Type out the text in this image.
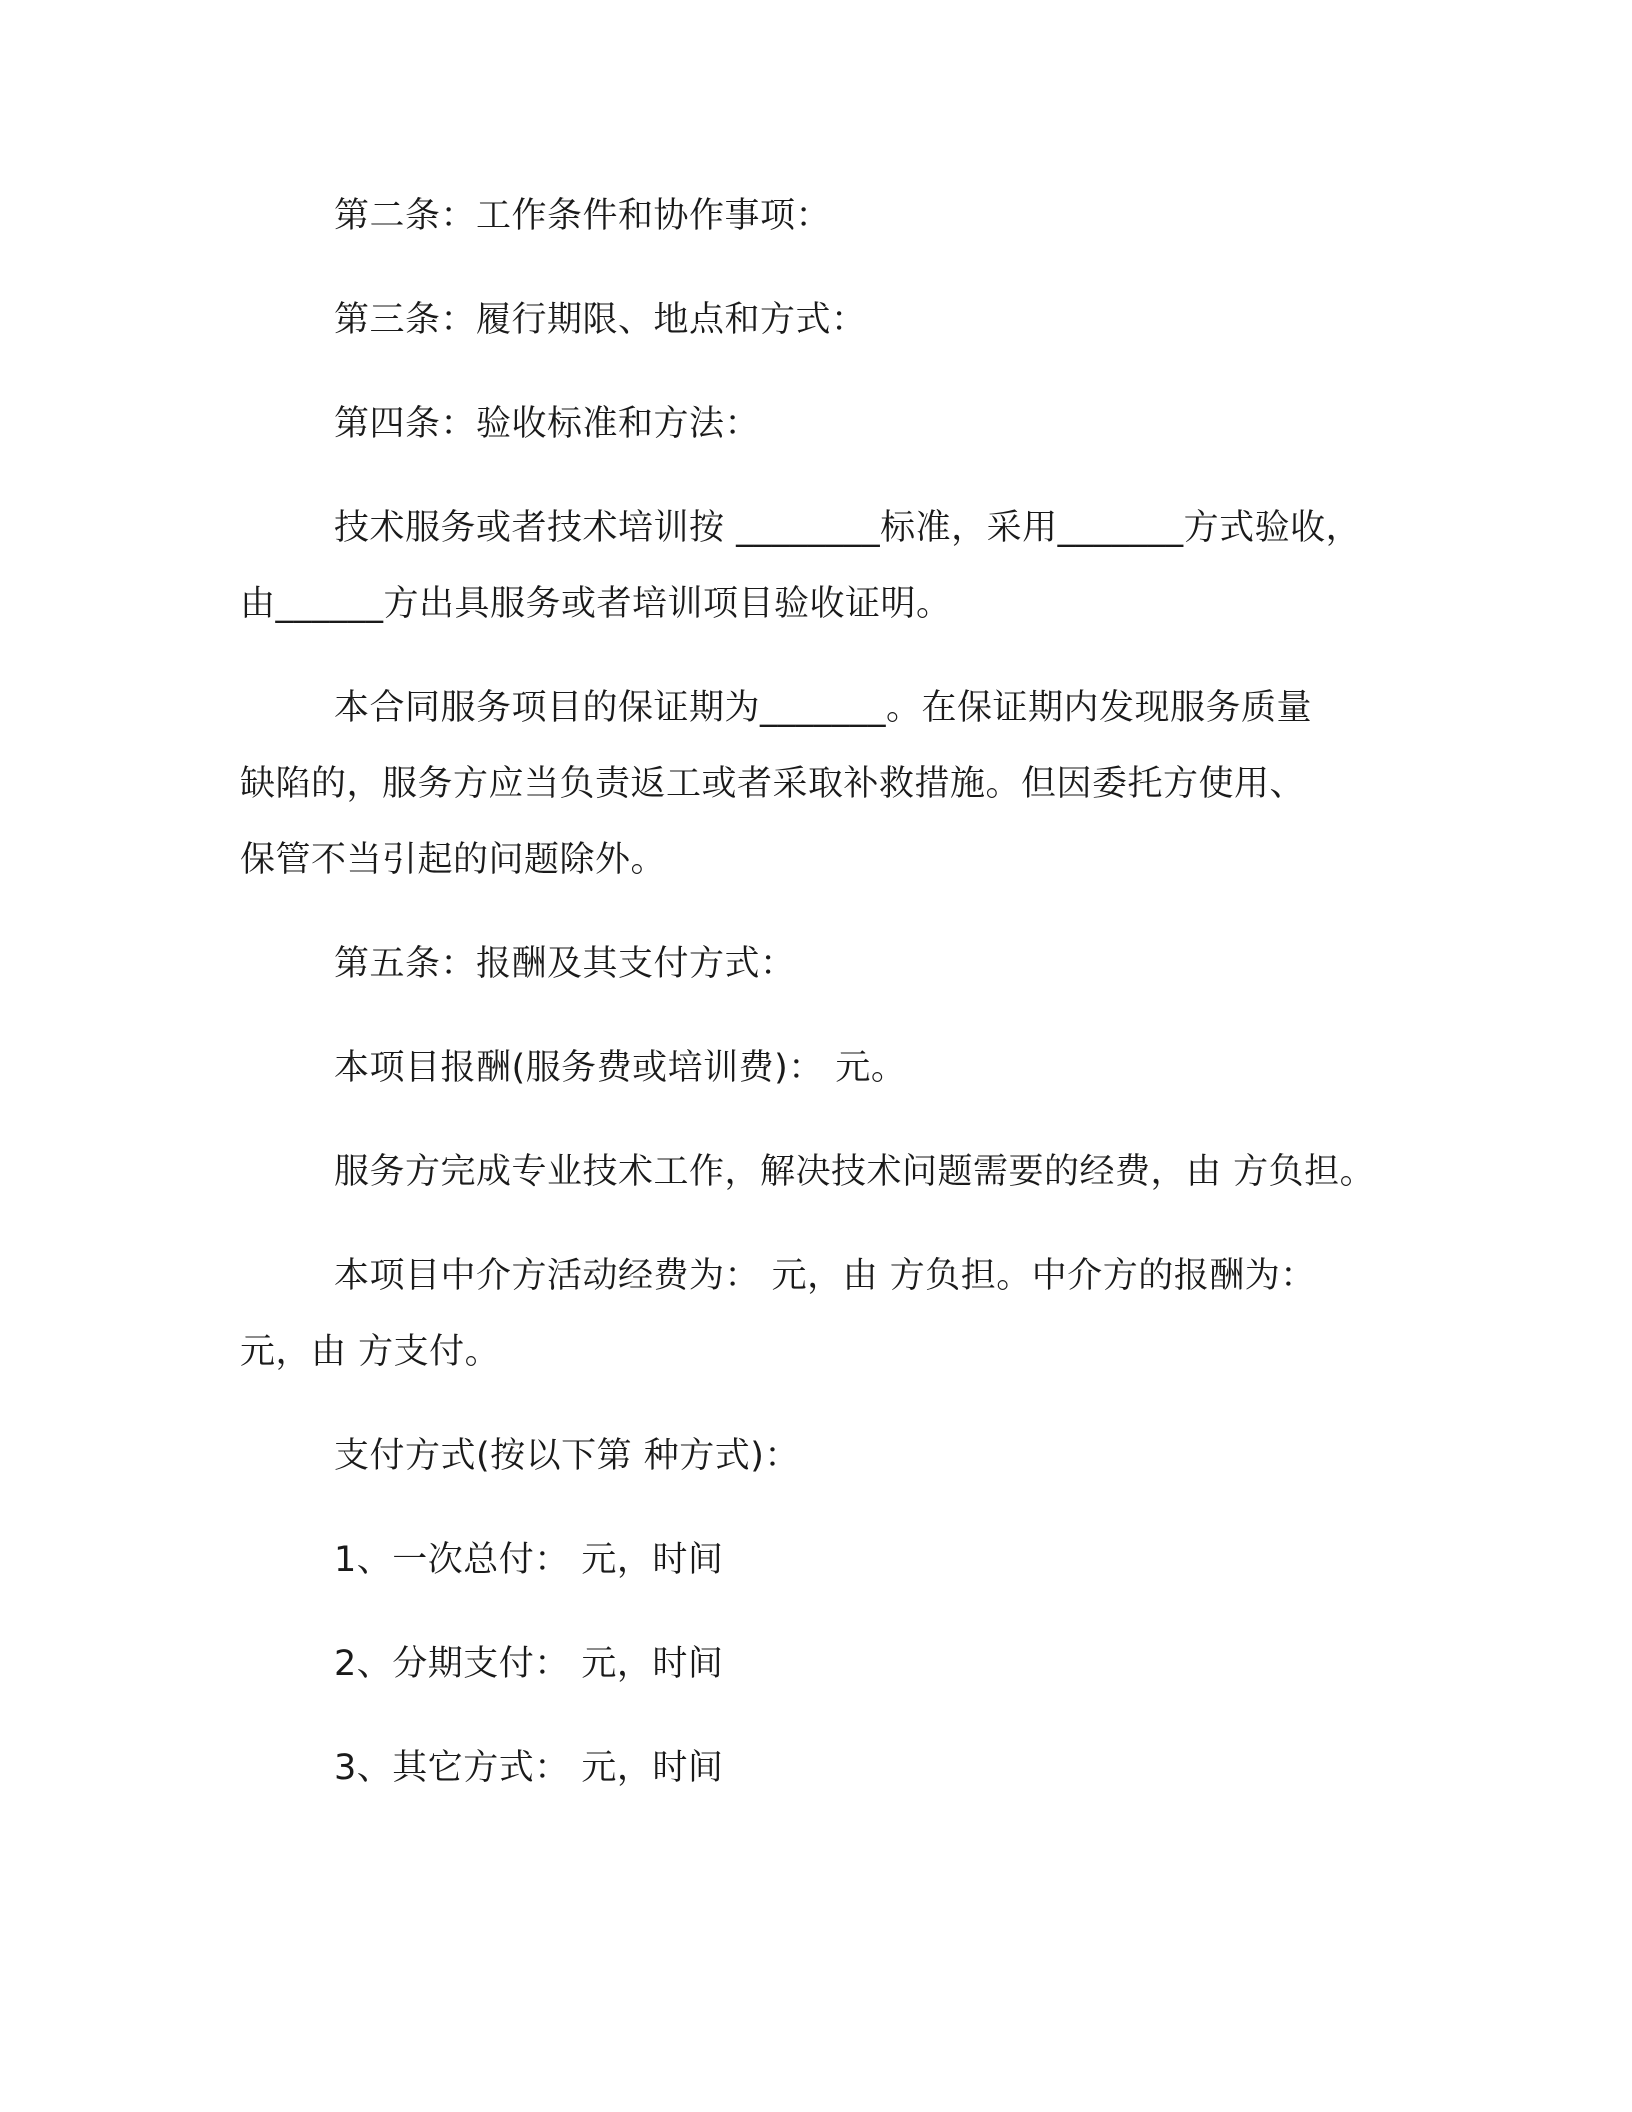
第二条：工作条件和协作事项：
第三条：履行期限、地点和方式：
第四条：验收标准和方法：
技术服务或者技术培训按 ________标准，采用_______方式验收，
由______方出具服务或者培训项目验收证明。
本合同服务项目的保证期为_______。在保证期内发现服务质量
缺陷的，服务方应当负责返工或者采取补救措施。但因委托方使用、
保管不当引起的问题除外。
第五条：报酬及其支付方式：
本项目报酬(服务费或培训费)： 元。
服务方完成专业技术工作，解决技术问题需要的经费，由 方负担。
本项目中介方活动经费为： 元，由 方负担。中介方的报酬为：
元，由 方支付。
支付方式(按以下第 种方式)：
1、一次总付： 元，时间
2、分期支付： 元，时间
3、其它方式： 元，时间
